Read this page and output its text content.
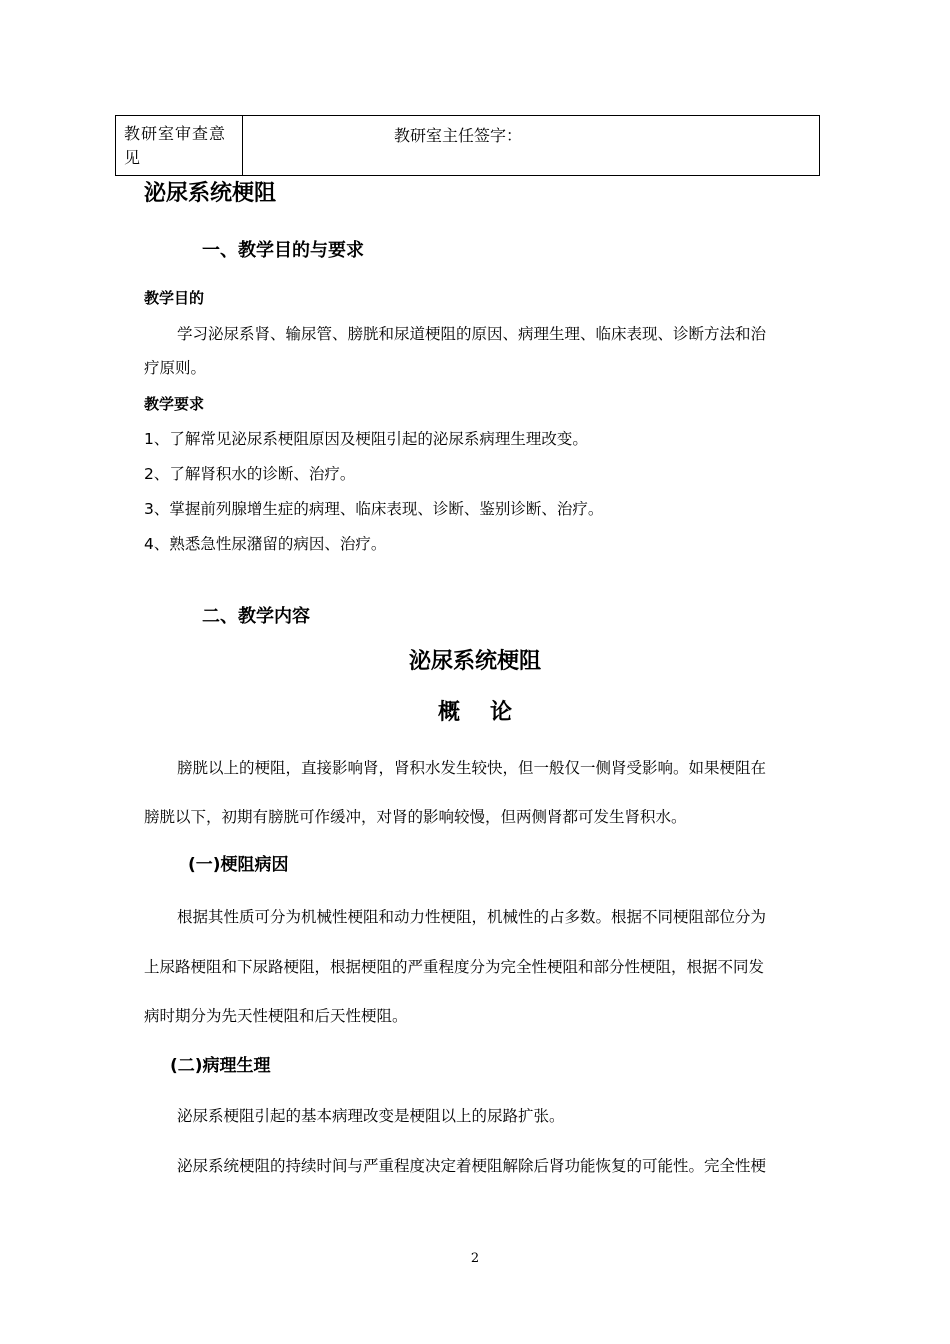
教研室审查意见
教研室主任签字：
泌尿系统梗阻
一、教学目的与要求
教学目的
学习泌尿系肾、输尿管、膀胱和尿道梗阻的原因、病理生理、临床表现、诊断方法和治
疗原则。
教学要求
1、了解常见泌尿系梗阻原因及梗阻引起的泌尿系病理生理改变。
2、了解肾积水的诊断、治疗。
3、掌握前列腺增生症的病理、临床表现、诊断、鉴别诊断、治疗。
4、熟悉急性尿潴留的病因、治疗。
二、教学内容
泌尿系统梗阻
概论
膀胱以上的梗阻，直接影响肾，肾积水发生较快，但一般仅一侧肾受影响。如果梗阻在
膀胱以下，初期有膀胱可作缓冲，对肾的影响较慢，但两侧肾都可发生肾积水。
(一)梗阻病因
根据其性质可分为机械性梗阻和动力性梗阻，机械性的占多数。根据不同梗阻部位分为
上尿路梗阻和下尿路梗阻，根据梗阻的严重程度分为完全性梗阻和部分性梗阻，根据不同发
病时期分为先天性梗阻和后天性梗阻。
(二)病理生理
泌尿系梗阻引起的基本病理改变是梗阻以上的尿路扩张。
泌尿系统梗阻的持续时间与严重程度决定着梗阻解除后肾功能恢复的可能性。完全性梗
2
